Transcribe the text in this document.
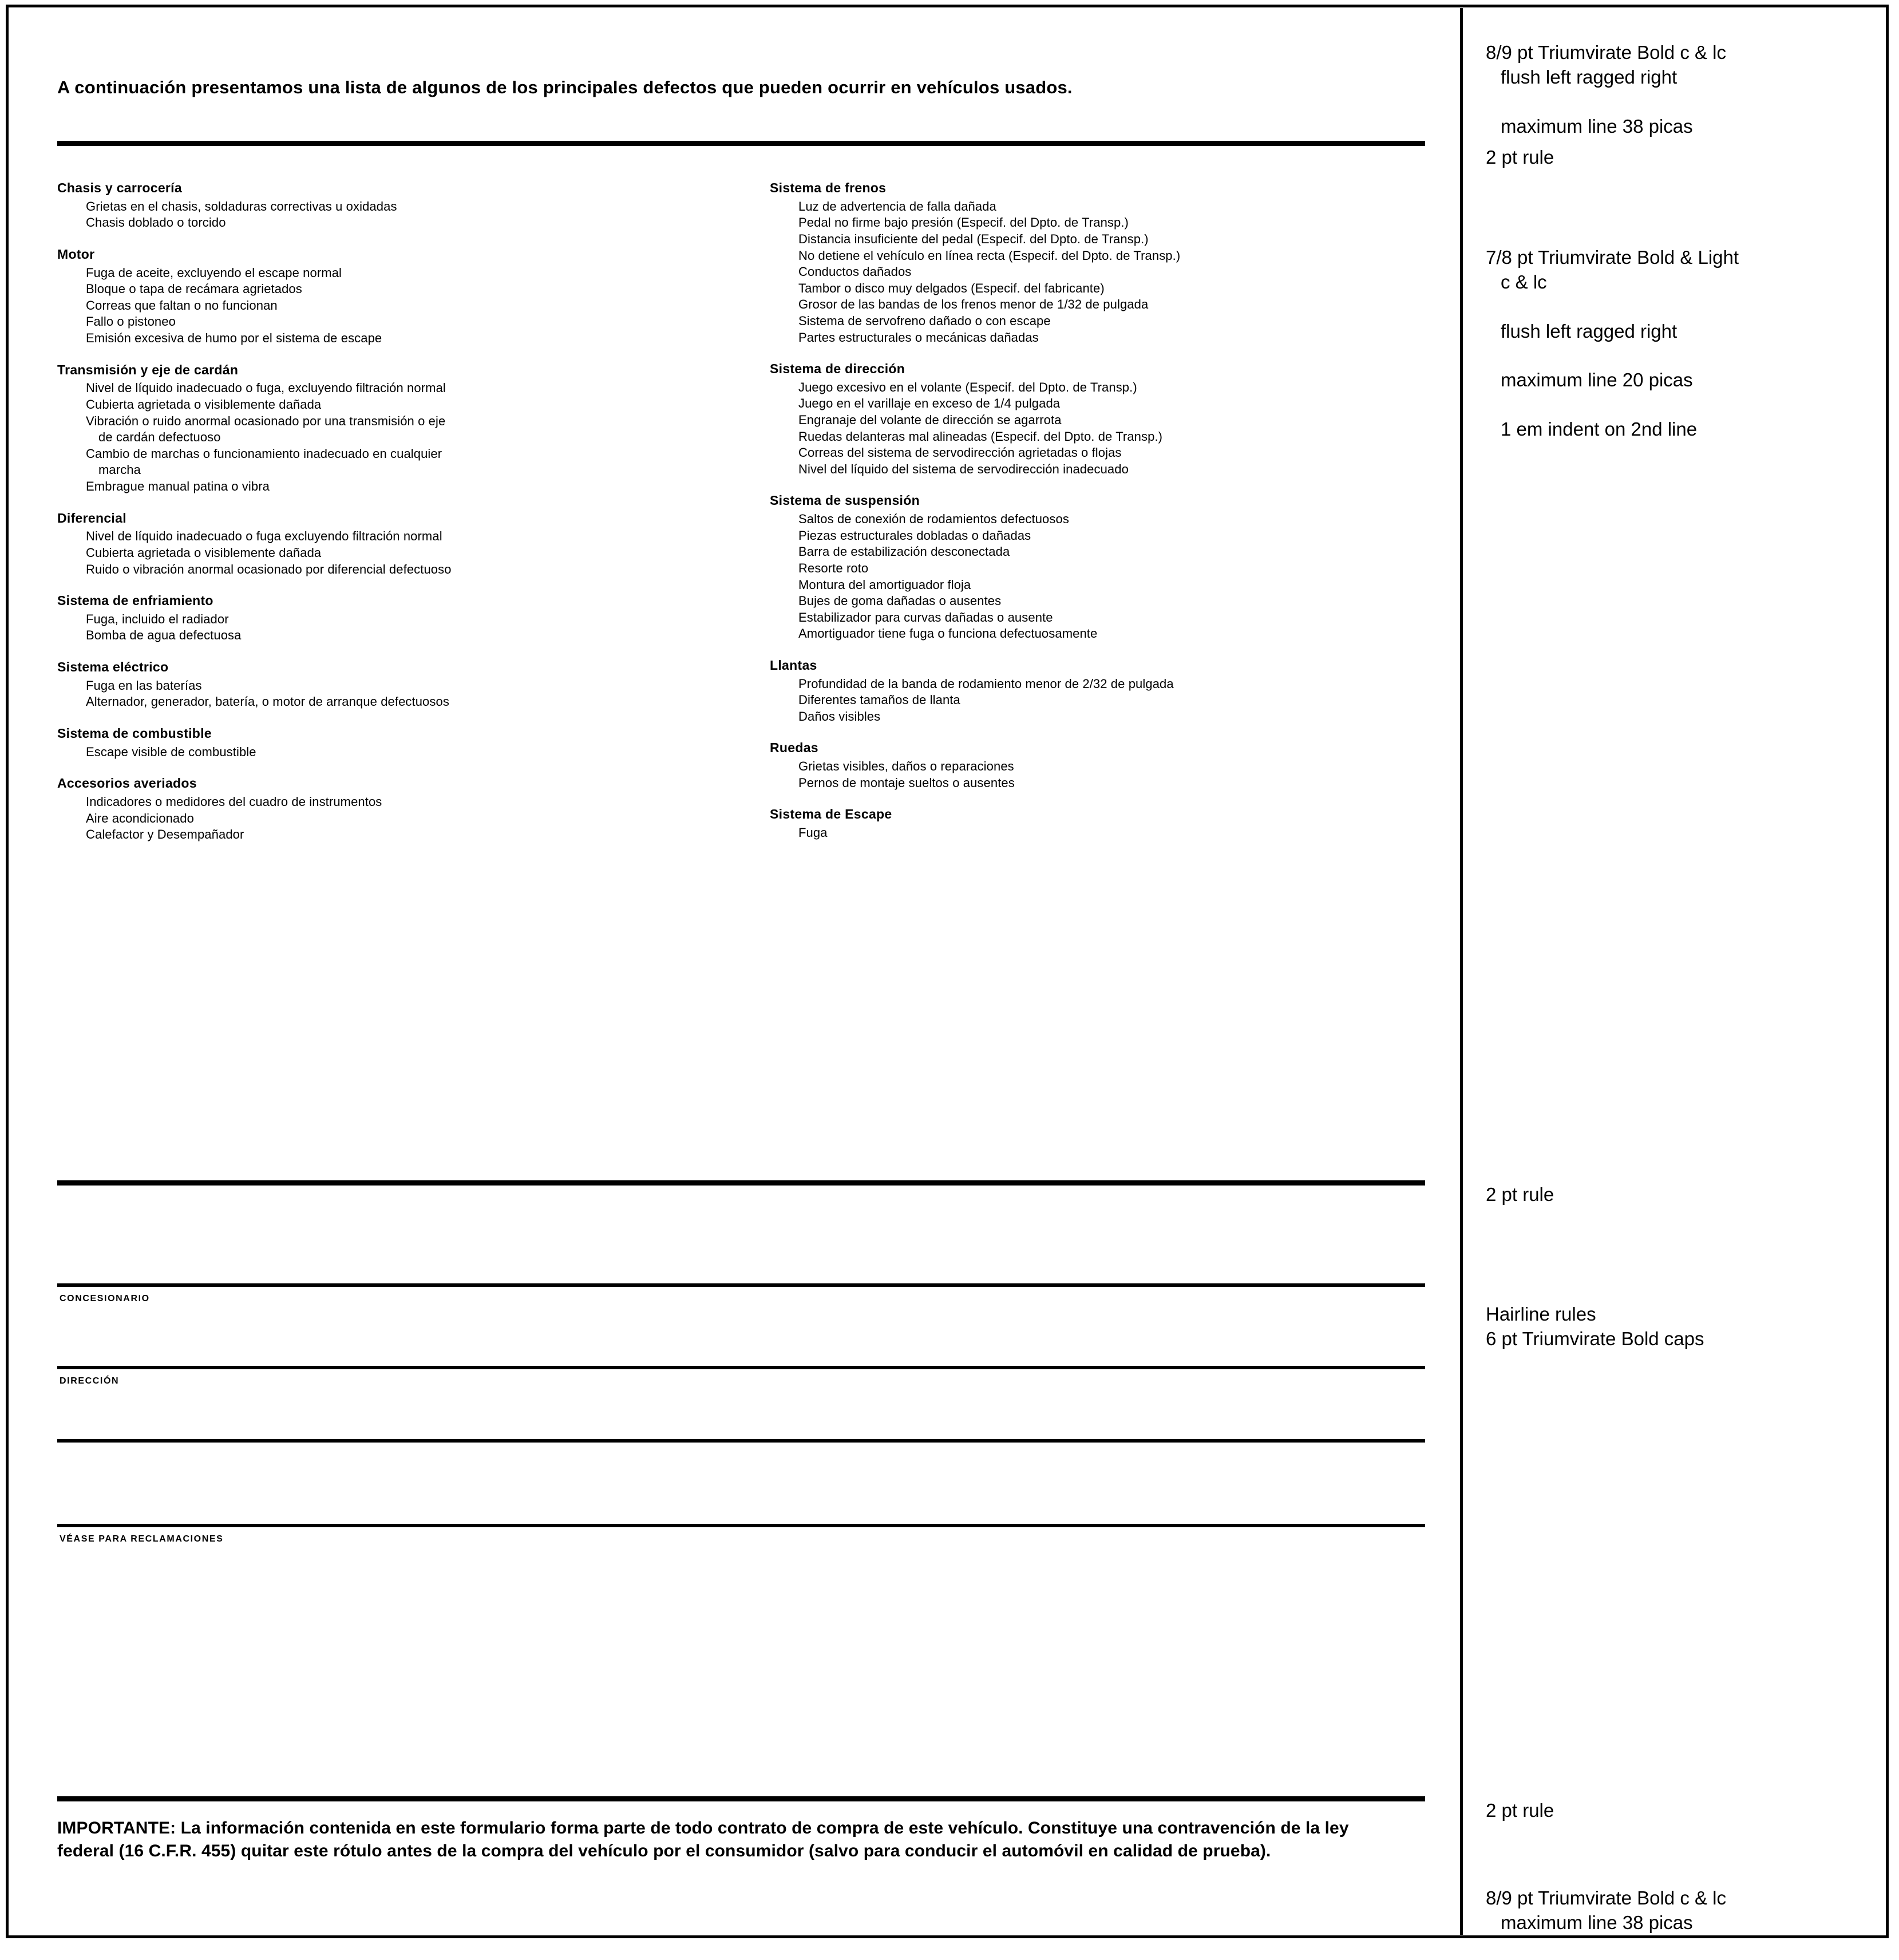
A continuación presentamos una lista de algunos de los principales defectos que pueden ocurrir en vehículos usados.
Chasis y carrocería
Grietas en el chasis, soldaduras correctivas u oxidadas
Chasis doblado o torcido
Motor
Fuga de aceite, excluyendo el escape normal
Bloque o tapa de recámara agrietados
Correas que faltan o no funcionan
Fallo o pistoneo
Emisión excesiva de humo por el sistema de escape
Transmisión y eje de cardán
Nivel de líquido inadecuado o fuga, excluyendo filtración normal
Cubierta agrietada o visiblemente dañada
Vibración o ruido anormal ocasionado por una transmisión o eje
de cardán defectuoso
Cambio de marchas o funcionamiento inadecuado en cualquier
marcha
Embrague manual patina o vibra
Diferencial
Nivel de líquido inadecuado o fuga excluyendo filtración normal
Cubierta agrietada o visiblemente dañada
Ruido o vibración anormal ocasionado por diferencial defectuoso
Sistema de enfriamiento
Fuga, incluido el radiador
Bomba de agua defectuosa
Sistema eléctrico
Fuga en las baterías
Alternador, generador, batería, o motor de arranque defectuosos
Sistema de combustible
Escape visible de combustible
Accesorios averiados
Indicadores o medidores del cuadro de instrumentos
Aire acondicionado
Calefactor y Desempañador
Sistema de frenos
Luz de advertencia de falla dañada
Pedal no firme bajo presión (Especif. del Dpto. de Transp.)
Distancia insuficiente del pedal (Especif. del Dpto. de Transp.)
No detiene el vehículo en línea recta (Especif. del Dpto. de Transp.)
Conductos dañados
Tambor o disco muy delgados (Especif. del fabricante)
Grosor de las bandas de los frenos menor de 1/32 de pulgada
Sistema de servofreno dañado o con escape
Partes estructurales o mecánicas dañadas
Sistema de dirección
Juego excesivo en el volante (Especif. del Dpto. de Transp.)
Juego en el varillaje en exceso de 1/4 pulgada
Engranaje del volante de dirección se agarrota
Ruedas delanteras mal alineadas (Especif. del Dpto. de Transp.)
Correas del sistema de servodirección agrietadas o flojas
Nivel del líquido del sistema de servodirección inadecuado
Sistema de suspensión
Saltos de conexión de rodamientos defectuosos
Piezas estructurales dobladas o dañadas
Barra de estabilización desconectada
Resorte roto
Montura del amortiguador floja
Bujes de goma dañadas o ausentes
Estabilizador para curvas dañadas o ausente
Amortiguador tiene fuga o funciona defectuosamente
Llantas
Profundidad de la banda de rodamiento menor de 2/32 de pulgada
Diferentes tamaños de llanta
Daños visibles
Ruedas
Grietas visibles, daños o reparaciones
Pernos de montaje sueltos o ausentes
Sistema de Escape
Fuga
CONCESIONARIO
DIRECCIÓN
VÉASE PARA RECLAMACIONES
IMPORTANTE: La información contenida en este formulario forma parte de todo contrato de compra de este vehículo. Constituye una contravención de la ley federal (16 C.F.R. 455) quitar este rótulo antes de la compra del vehículo por el consumidor (salvo para conducir el automóvil en calidad de prueba).

8/9 pt Triumvirate Bold c & lc

flush left ragged right

maximum line 38 picas

2 pt rule

7/8 pt Triumvirate Bold & Light

c & lc

flush left ragged right

maximum line 20 picas

1 em indent on 2nd line

2 pt rule

Hairline rules
6 pt Triumvirate Bold caps

2 pt rule

8/9 pt Triumvirate Bold c & lc

maximum line 38 picas
